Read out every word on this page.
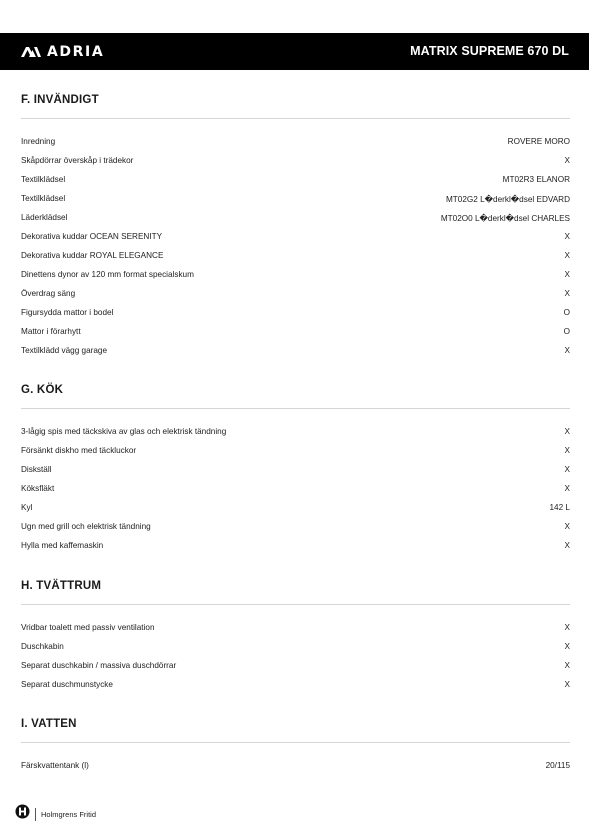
ADRIA	MATRIX SUPREME 670 DL
F. INVÄNDIGT
Inredning	ROVERE MORO
Skåpdörrar överskåp i trädekor	X
Textilklädsel	MT02R3 ELANOR
Textilklädsel	MT02G2 L�derkl�dsel EDVARD
Läderklädsel	MT02O0 L�derkl�dsel CHARLES
Dekorativa kuddar OCEAN SERENITY	X
Dekorativa kuddar ROYAL ELEGANCE	X
Dinettens dynor av 120 mm format specialskum	X
Överdrag säng	X
Figursydda mattor i bodel	O
Mattor i förarhytt	O
Textilklädd vägg garage	X
G. KÖK
3-lågig spis med täckskiva av glas och elektrisk tändning	X
Försänkt diskho med täckluckor	X
Diskställ	X
Köksfläkt	X
Kyl	142 L
Ugn med grill och elektrisk tändning	X
Hylla med kaffemaskin	X
H. TVÄTTRUM
Vridbar toalett med passiv ventilation	X
Duschkabin	X
Separat duschkabin / massiva duschdörrar	X
Separat duschmunstycke	X
I. VATTEN
Färskvattentank (l)	20/115
Holmgrens Fritid
